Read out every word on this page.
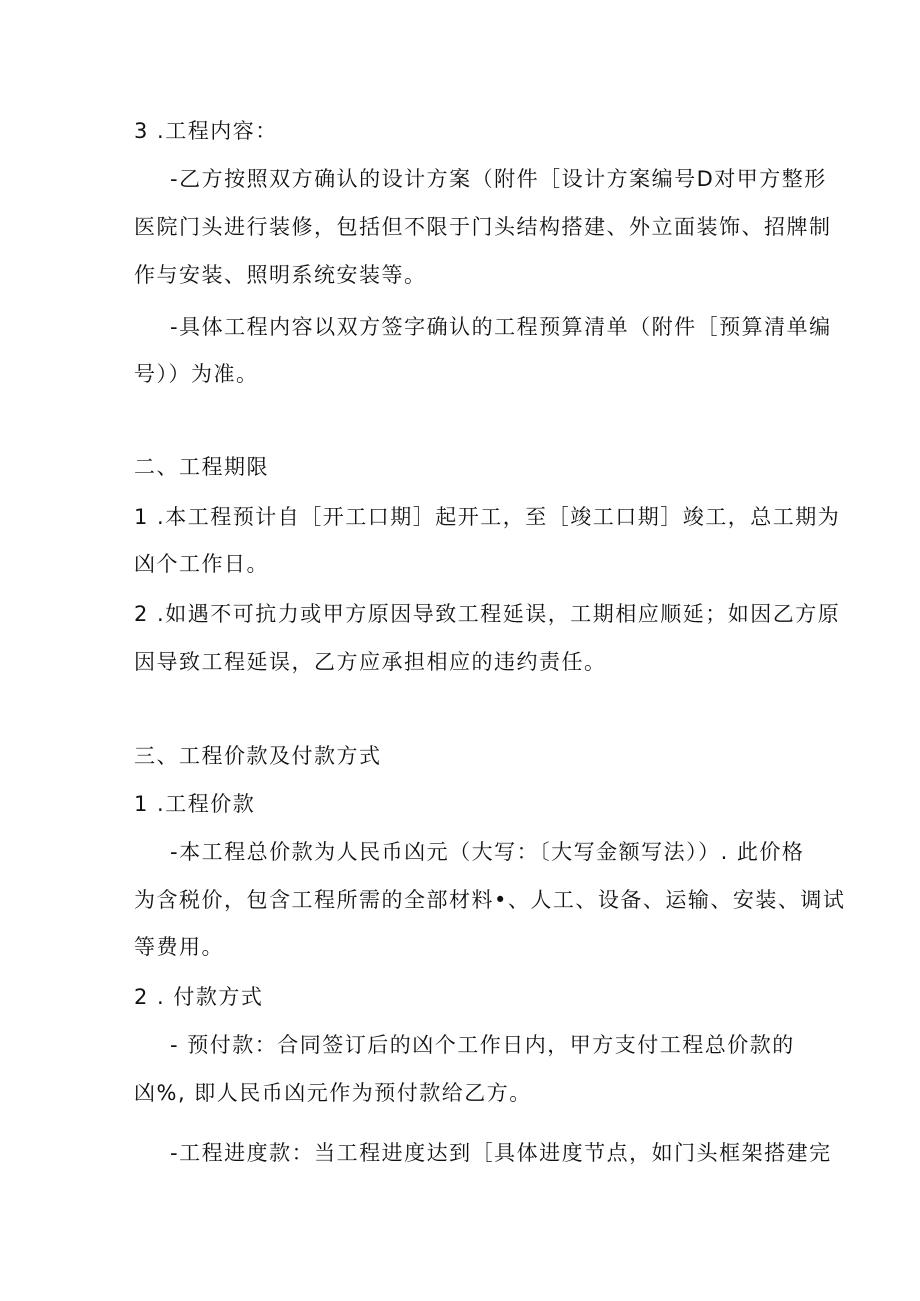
3 .工程内容：
-乙方按照双方确认的设计方案（附件［设计方案编号D对甲方整形
医院门头进行装修，包括但不限于门头结构搭建、外立面装饰、招牌制
作与安装、照明系统安装等。
-具体工程内容以双方签字确认的工程预算清单（附件［预算清单编
号））为准。
二、工程期限
1 .本工程预计自［开工口期］起开工，至［竣工口期］竣工，总工期为
凶个工作日。
2 .如遇不可抗力或甲方原因导致工程延误，工期相应顺延；如因乙方原
因导致工程延误，乙方应承担相应的违约责任。
三、工程价款及付款方式
1 .工程价款
-本工程总价款为人民币凶元（大写：〔大写金额写法））. 此价格
为含税价，包含工程所需的全部材料•、人工、设备、运输、安装、调试
等费用。
2 . 付款方式
- 预付款：合同签订后的凶个工作日内，甲方支付工程总价款的
凶%, 即人民币凶元作为预付款给乙方。
-工程进度款：当工程进度达到［具体进度节点，如门头框架搭建完
